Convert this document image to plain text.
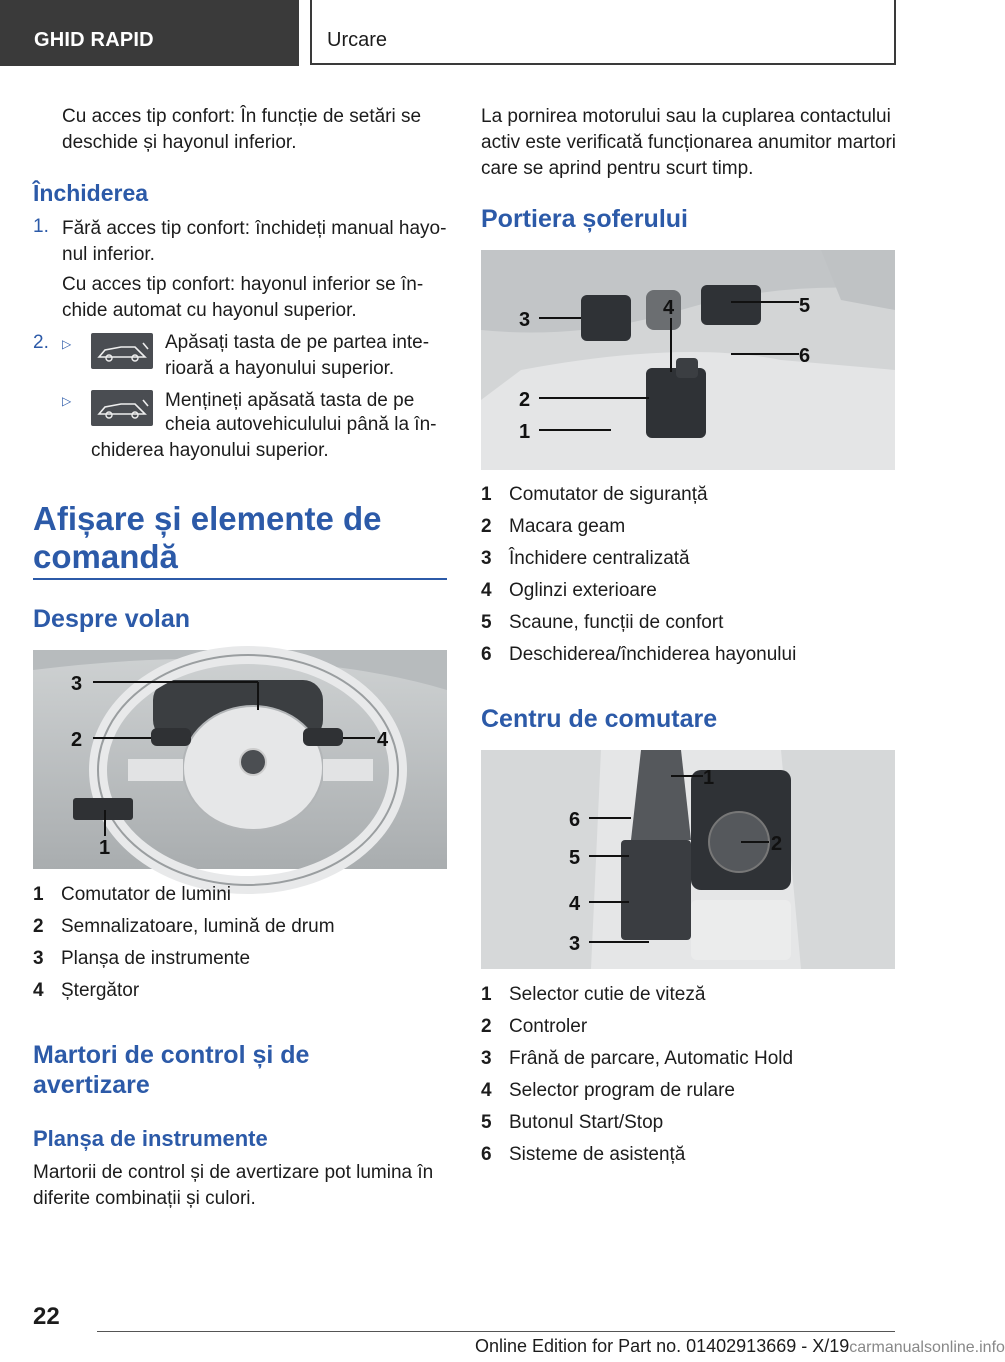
GHID RAPID	Urcare

Cu acces tip confort: În funcție de setări se

deschide și hayonul inferior.

Închiderea
1. Fără acces tip confort: închideți manual hayo-

nul inferior.

Cu acces tip confort: hayonul inferior se în-

chide automat cu hayonul superior.

2. ▷	Apăsați tasta de pe partea inte-

rioară a hayonului superior.

▷	Mențineți apăsată tasta de pe

cheia autovehiculului până la în-

chiderea hayonului superior.

Afișare și elemente de
comandă
Despre volan
3
2	4
1
1 Comutator de lumini
2 Semnalizatoare, lumină de drum
3 Planșa de instrumente
4 Ștergător
Martori de control și de
avertizare
Planșa de instrumente

Martorii de control și de avertizare pot lumina în

diferite combinații și culori.

La pornirea motorului sau la cuplarea contactului

activ este verificată funcționarea anumitor martori

care se aprind pentru scurt timp.

Portiera șoferului
3
4	5
6
2
1
1 Comutator de siguranță
2 Macara geam
3 Închidere centralizată
4 Oglinzi exterioare
5 Scaune, funcții de confort
6 Deschiderea/închiderea hayonului
Centru de comutare
1
6
2
5
4
3
1 Selector cutie de viteză
2 Controler
3 Frână de parcare, Automatic Hold
4 Selector program de rulare
5 Butonul Start/Stop
6 Sisteme de asistență
22
Online Edition for Part no. 01402913669 - X/19carmanualsonline.info
